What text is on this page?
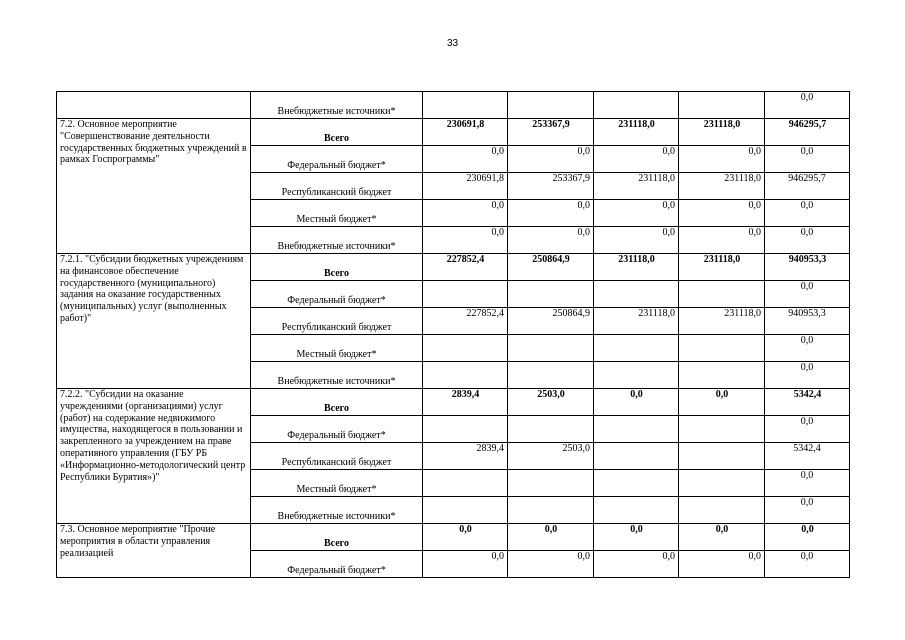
33
	Внебюджетные источники*					0,0
7.2. Основное мероприятие "Совершенствование деятельности государственных бюджетных учреждений в рамках Госпрограммы"	Всего	230691,8	253367,9	231118,0	231118,0	946295,7
	Федеральный бюджет*	0,0	0,0	0,0	0,0	0,0
	Республиканский бюджет	230691,8	253367,9	231118,0	231118,0	946295,7
	Местный бюджет*	0,0	0,0	0,0	0,0	0,0
	Внебюджетные источники*	0,0	0,0	0,0	0,0	0,0
7.2.1. "Субсидии бюджетных учреждениям на финансовое обеспечение государственного (муниципального) задания на оказание государственных (муниципальных) услуг (выполненных работ)"	Всего	227852,4	250864,9	231118,0	231118,0	940953,3
	Федеральный бюджет*					0,0
	Республиканский бюджет	227852,4	250864,9	231118,0	231118,0	940953,3
	Местный бюджет*					0,0
	Внебюджетные источники*					0,0
7.2.2. "Субсидии на оказание учреждениями (организациями) услуг (работ) на содержание недвижимого имущества, находящегося в пользовании и закрепленного за учреждением на праве оперативного управления (ГБУ РБ «Информационно-методологический центр Республики Бурятия»)"	Всего	2839,4	2503,0	0,0	0,0	5342,4
	Федеральный бюджет*					0,0
	Республиканский бюджет	2839,4	2503,0			5342,4
	Местный бюджет*					0,0
	Внебюджетные источники*					0,0
7.3. Основное мероприятие "Прочие мероприятия в области управления реализацией	Всего	0,0	0,0	0,0	0,0	0,0
	Федеральный бюджет*	0,0	0,0	0,0	0,0	0,0
